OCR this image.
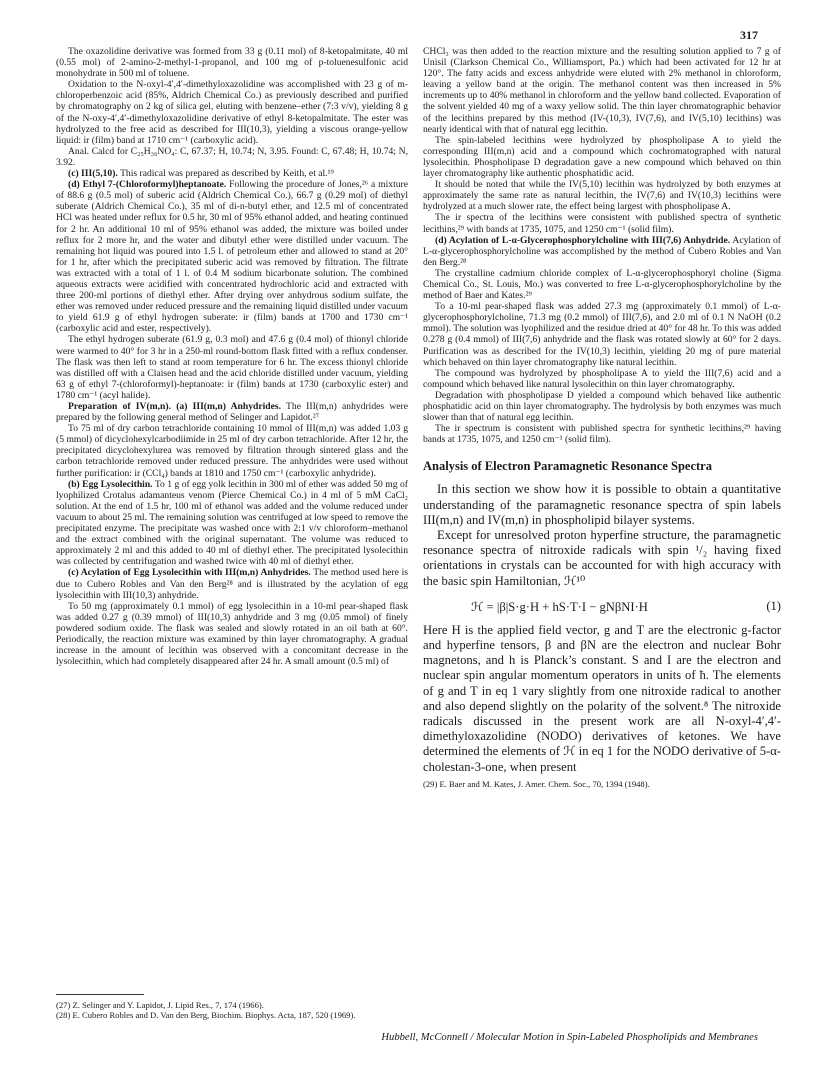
317

The oxazolidine derivative was formed from 33 g (0.11 mol) of 8-ketopalmitate, 40 ml (0.55 mol) of 2-amino-2-methyl-1-propanol, and 100 mg of p-toluenesulfonic acid monohydrate in 500 ml of toluene.

Oxidation to the N-oxyl-4′,4′-dimethyloxazolidine was accomplished with 23 g of m-chloroperbenzoic acid (85%, Aldrich Chemical Co.) as previously described and purified by chromatography on 2 kg of silica gel, eluting with benzene–ether (7:3 v/v), yielding 8 g of the N-oxy-4′,4′-dimethyloxazolidine derivative of ethyl 8-ketopalmitate. The ester was hydrolyzed to the free acid as described for III(10,3), yielding a viscous orange-yellow liquid: ir (film) band at 1710 cm⁻¹ (carboxylic acid).

Anal. Calcd for C₂₅H₃₆NO₄: C, 67.37; H, 10.74; N, 3.95. Found: C, 67.48; H, 10.74; N, 3.92.

(c) III(5,10). This radical was prepared as described by Keith, et al.¹⁹

(d) Ethyl 7-(Chloroformyl)heptanoate. Following the procedure of Jones,²⁶ a mixture of 88.6 g (0.5 mol) of suberic acid (Aldrich Chemical Co.), 66.7 g (0.29 mol) of diethyl suberate (Aldrich Chemical Co.), 35 ml of di-n-butyl ether, and 12.5 ml of concentrated HCl was heated under reflux for 0.5 hr, 30 ml of 95% ethanol added, and heating continued for 2 hr. An additional 10 ml of 95% ethanol was added, the mixture was boiled under reflux for 2 more hr, and the water and dibutyl ether were distilled under vacuum. The remaining hot liquid was poured into 1.5 l. of petroleum ether and allowed to stand at 20° for 1 hr, after which the precipitated suberic acid was removed by filtration. The filtrate was extracted with a total of 1 l. of 0.4 M sodium bicarbonate solution. The combined aqueous extracts were acidified with concentrated hydrochloric acid and extracted with three 200-ml portions of diethyl ether. After drying over anhydrous sodium sulfate, the ether was removed under reduced pressure and the remaining liquid distilled under vacuum to yield 61.9 g of ethyl hydrogen suberate: ir (film) bands at 1700 and 1730 cm⁻¹ (carboxylic acid and ester, respectively).

The ethyl hydrogen suberate (61.9 g, 0.3 mol) and 47.6 g (0.4 mol) of thionyl chloride were warmed to 40° for 3 hr in a 250-ml round-bottom flask fitted with a reflux condenser. The flask was then left to stand at room temperature for 6 hr. The excess thionyl chloride was distilled off with a Claisen head and the acid chloride distilled under vacuum, yielding 63 g of ethyl 7-(chloroformyl)-heptanoate: ir (film) bands at 1730 (carboxylic ester) and 1780 cm⁻¹ (acyl halide).

Preparation of IV(m,n). (a) III(m,n) Anhydrides. The III(m,n) anhydrides were prepared by the following general method of Selinger and Lapidot.²⁷

To 75 ml of dry carbon tetrachloride containing 10 mmol of III(m,n) was added 1.03 g (5 mmol) of dicyclohexylcarbodiimide in 25 ml of dry carbon tetrachloride. After 12 hr, the precipitated dicyclohexylurea was removed by filtration through sintered glass and the carbon tetrachloride removed under reduced pressure. The anhydrides were used without further purification: ir (CCl₄) bands at 1810 and 1750 cm⁻¹ (carboxylic anhydride).

(b) Egg Lysolecithin. To 1 g of egg yolk lecithin in 300 ml of ether was added 50 mg of lyophilized Crotalus adamanteus venom (Pierce Chemical Co.) in 4 ml of 5 mM CaCl₂ solution. At the end of 1.5 hr, 100 ml of ethanol was added and the volume reduced under vacuum to about 25 ml. The remaining solution was centrifuged at low speed to remove the precipitated enzyme. The precipitate was washed once with 2:1 v/v chloroform–methanol and the extract combined with the original supernatant. The volume was reduced to approximately 2 ml and this added to 40 ml of diethyl ether. The precipitated lysolecithin was collected by centrifugation and washed twice with 40 ml of diethyl ether.

(c) Acylation of Egg Lysolecithin with III(m,n) Anhydrides. The method used here is due to Cubero Robles and Van den Berg²⁸ and is illustrated by the acylation of egg lysolecithin with III(10,3) anhydride.

To 50 mg (approximately 0.1 mmol) of egg lysolecithin in a 10-ml pear-shaped flask was added 0.27 g (0.39 mmol) of III(10,3) anhydride and 3 mg (0.05 mmol) of finely powdered sodium oxide. The flask was sealed and slowly rotated in an oil bath at 60°. Periodically, the reaction mixture was examined by thin layer chromatography. A gradual increase in the amount of lecithin was observed with a concomitant decrease in the lysolecithin, which had completely disappeared after 24 hr. A small amount (0.5 ml) of

(27) Z. Selinger and Y. Lapidot, J. Lipid Res., 7, 174 (1966).
(28) E. Cubero Robles and D. Van den Berg, Biochim. Biophys. Acta, 187, 520 (1969).

CHCl₃ was then added to the reaction mixture and the resulting solution applied to 7 g of Unisil (Clarkson Chemical Co., Williamsport, Pa.) which had been activated for 12 hr at 120°. The fatty acids and excess anhydride were eluted with 2% methanol in chloroform, leaving a yellow band at the origin. The methanol content was then increased in 5% increments up to 40% methanol in chloroform and the yellow band collected. Evaporation of the solvent yielded 40 mg of a waxy yellow solid. The thin layer chromatographic behavior of the lecithins prepared by this method (IV-(10,3), IV(7,6), and IV(5,10) lecithins) was nearly identical with that of natural egg lecithin.

The spin-labeled lecithins were hydrolyzed by phospholipase A to yield the corresponding III(m,n) acid and a compound which cochromatographed with natural lysolecithin. Phospholipase D degradation gave a new compound which behaved on thin layer chromatography like authentic phosphatidic acid.

It should be noted that while the IV(5,10) lecithin was hydrolyzed by both enzymes at approximately the same rate as natural lecithin, the IV(7,6) and IV(10,3) lecithins were hydrolyzed at a much slower rate, the effect being largest with phospholipase A.

The ir spectra of the lecithins were consistent with published spectra of synthetic lecithins,²⁹ with bands at 1735, 1075, and 1250 cm⁻¹ (solid film).

(d) Acylation of L-α-Glycerophosphorylcholine with III(7,6) Anhydride. Acylation of L-α-glycerophosphorylcholine was accomplished by the method of Cubero Robles and Van den Berg.²⁸

The crystalline cadmium chloride complex of L-α-glycerophosphoryl choline (Sigma Chemical Co., St. Louis, Mo.) was converted to free L-α-glycerophosphorylcholine by the method of Baer and Kates.²⁹

To a 10-ml pear-shaped flask was added 27.3 mg (approximately 0.1 mmol) of L-α-glycerophosphorylcholine, 71.3 mg (0.2 mmol) of III(7,6), and 2.0 ml of 0.1 N NaOH (0.2 mmol). The solution was lyophilized and the residue dried at 40° for 48 hr. To this was added 0.278 g (0.4 mmol) of III(7,6) anhydride and the flask was rotated slowly at 60° for 2 days. Purification was as described for the IV(10,3) lecithin, yielding 20 mg of pure material which behaved on thin layer chromatography like natural lecithin.

The compound was hydrolyzed by phospholipase A to yield the III(7,6) acid and a compound which behaved like natural lysolecithin on thin layer chromatography.

Degradation with phospholipase D yielded a compound which behaved like authentic phosphatidic acid on thin layer chromatography. The hydrolysis by both enzymes was much slower than that of natural egg lecithin.

The ir spectrum is consistent with published spectra for synthetic lecithins,²⁹ having bands at 1735, 1075, and 1250 cm⁻¹ (solid film).

Analysis of Electron Paramagnetic Resonance Spectra

In this section we show how it is possible to obtain a quantitative understanding of the paramagnetic resonance spectra of spin labels III(m,n) and IV(m,n) in phospholipid bilayer systems.

Except for unresolved proton hyperfine structure, the paramagnetic resonance spectra of nitroxide radicals with spin ¹/₂ having fixed orientations in crystals can be accounted for with high accuracy with the basic spin Hamiltonian, ℋ¹⁰

ℋ = |β|S·g·H + hS·T·I − gNβNI·H	(1)

Here H is the applied field vector, g and T are the electronic g-factor and hyperfine tensors, β and βN are the electron and nuclear Bohr magnetons, and h is Planck’s constant. S and I are the electron and nuclear spin angular momentum operators in units of ħ. The elements of g and T in eq 1 vary slightly from one nitroxide radical to another and also depend slightly on the polarity of the solvent.⁸ The nitroxide radicals discussed in the present work are all N-oxyl-4′,4′-dimethyloxazolidine (NODO) derivatives of ketones. We have determined the elements of ℋ in eq 1 for the NODO derivative of 5-α-cholestan-3-one, when present

(29) E. Baer and M. Kates, J. Amer. Chem. Soc., 70, 1394 (1948).
Hubbell, McConnell / Molecular Motion in Spin-Labeled Phospholipids and Membranes
